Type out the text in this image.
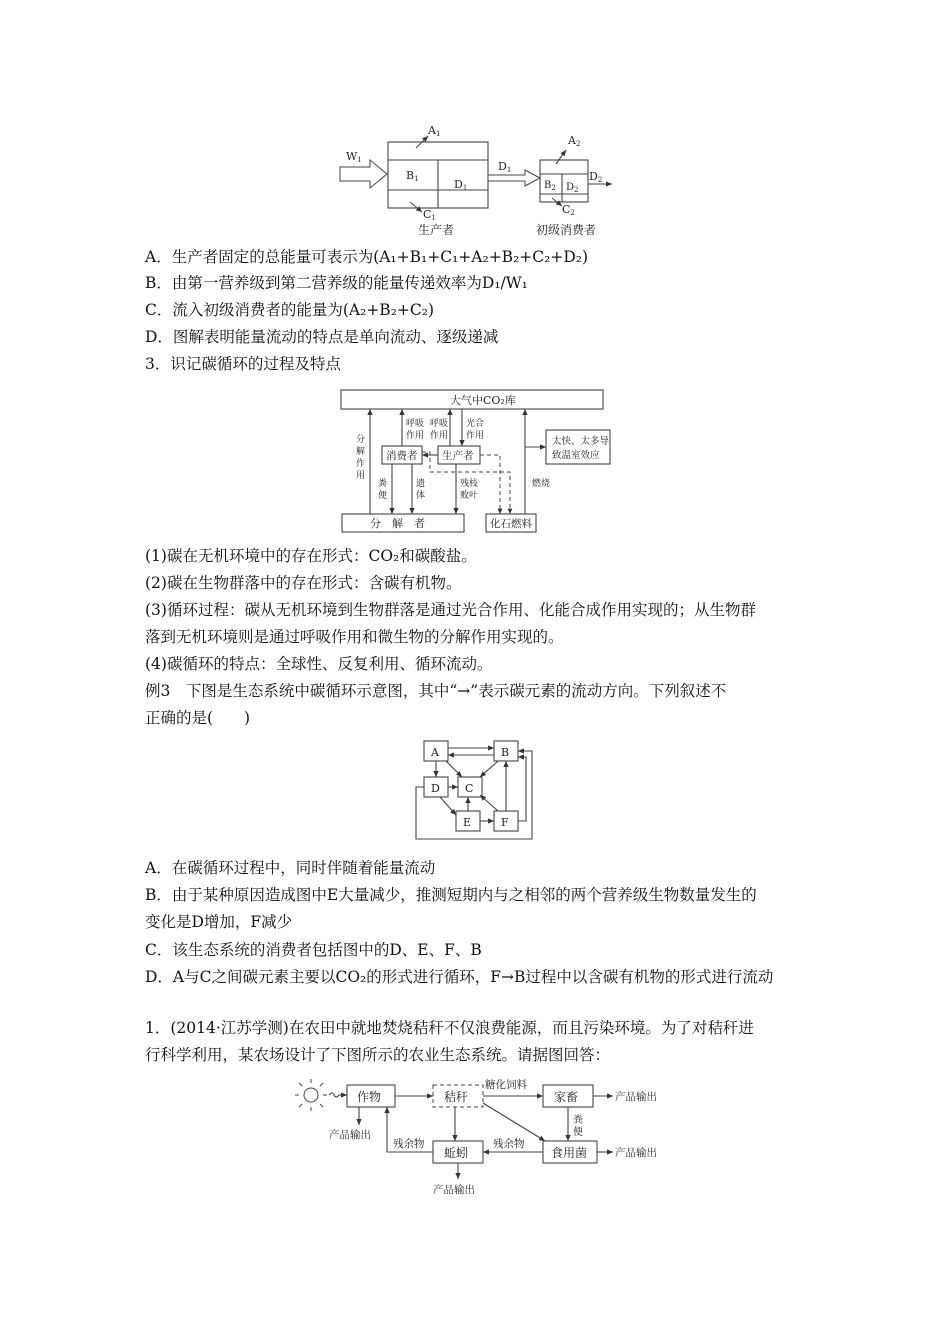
W1
B1	D1
A1
C1
D1
$B_2$ $D_2$
A2
C2
D2
生产者	初级消费者
A．生产者固定的总能量可表示为(A₁+B₁+C₁+A₂+B₂+C₂+D₂)
B．由第一营养级到第二营养级的能量传递效率为D₁/W₁
C．流入初级消费者的能量为(A₂+B₂+C₂)
D．图解表明能量流动的特点是单向流动、逐级递减
3．识记碳循环的过程及特点
大气中CO₂库
消费者 生产者
分　解　者	化石燃料
太快、太多导
致温室效应
分
解
作
用
呼吸
作用
呼吸
作用
光合
作用
粪
便
遗
体
残枝
败叶
燃烧
(1)碳在无机环境中的存在形式：CO₂和碳酸盐。
(2)碳在生物群落中的存在形式：含碳有机物。
(3)循环过程：碳从无机环境到生物群落是通过光合作用、化能合成作用实现的；从生物群
落到无机环境则是通过呼吸作用和微生物的分解作用实现的。
(4)碳循环的特点：全球性、反复利用、循环流动。
例3　下图是生态系统中碳循环示意图，其中“→”表示碳元素的流动方向。下列叙述不
正确的是(　　)
A	B
D C
E	F
A．在碳循环过程中，同时伴随着能量流动
B．由于某种原因造成图中E大量减少，推测短期内与之相邻的两个营养级生物数量发生的
变化是D增加，F减少
C．该生态系统的消费者包括图中的D、E、F、B
D．A与C之间碳元素主要以CO₂的形式进行循环，F→B过程中以含碳有机物的形式进行流动
1．(2014·江苏学测)在农田中就地焚烧秸秆不仅浪费能源，而且污染环境。为了对秸秆进
行科学利用，某农场设计了下图所示的农业生态系统。请据图回答：
作物	秸秆	家畜
蚯蚓	食用菌
糖化饲料
粪
便
残余物
残余物
产品输出
产品输出
产品输出
产品输出
